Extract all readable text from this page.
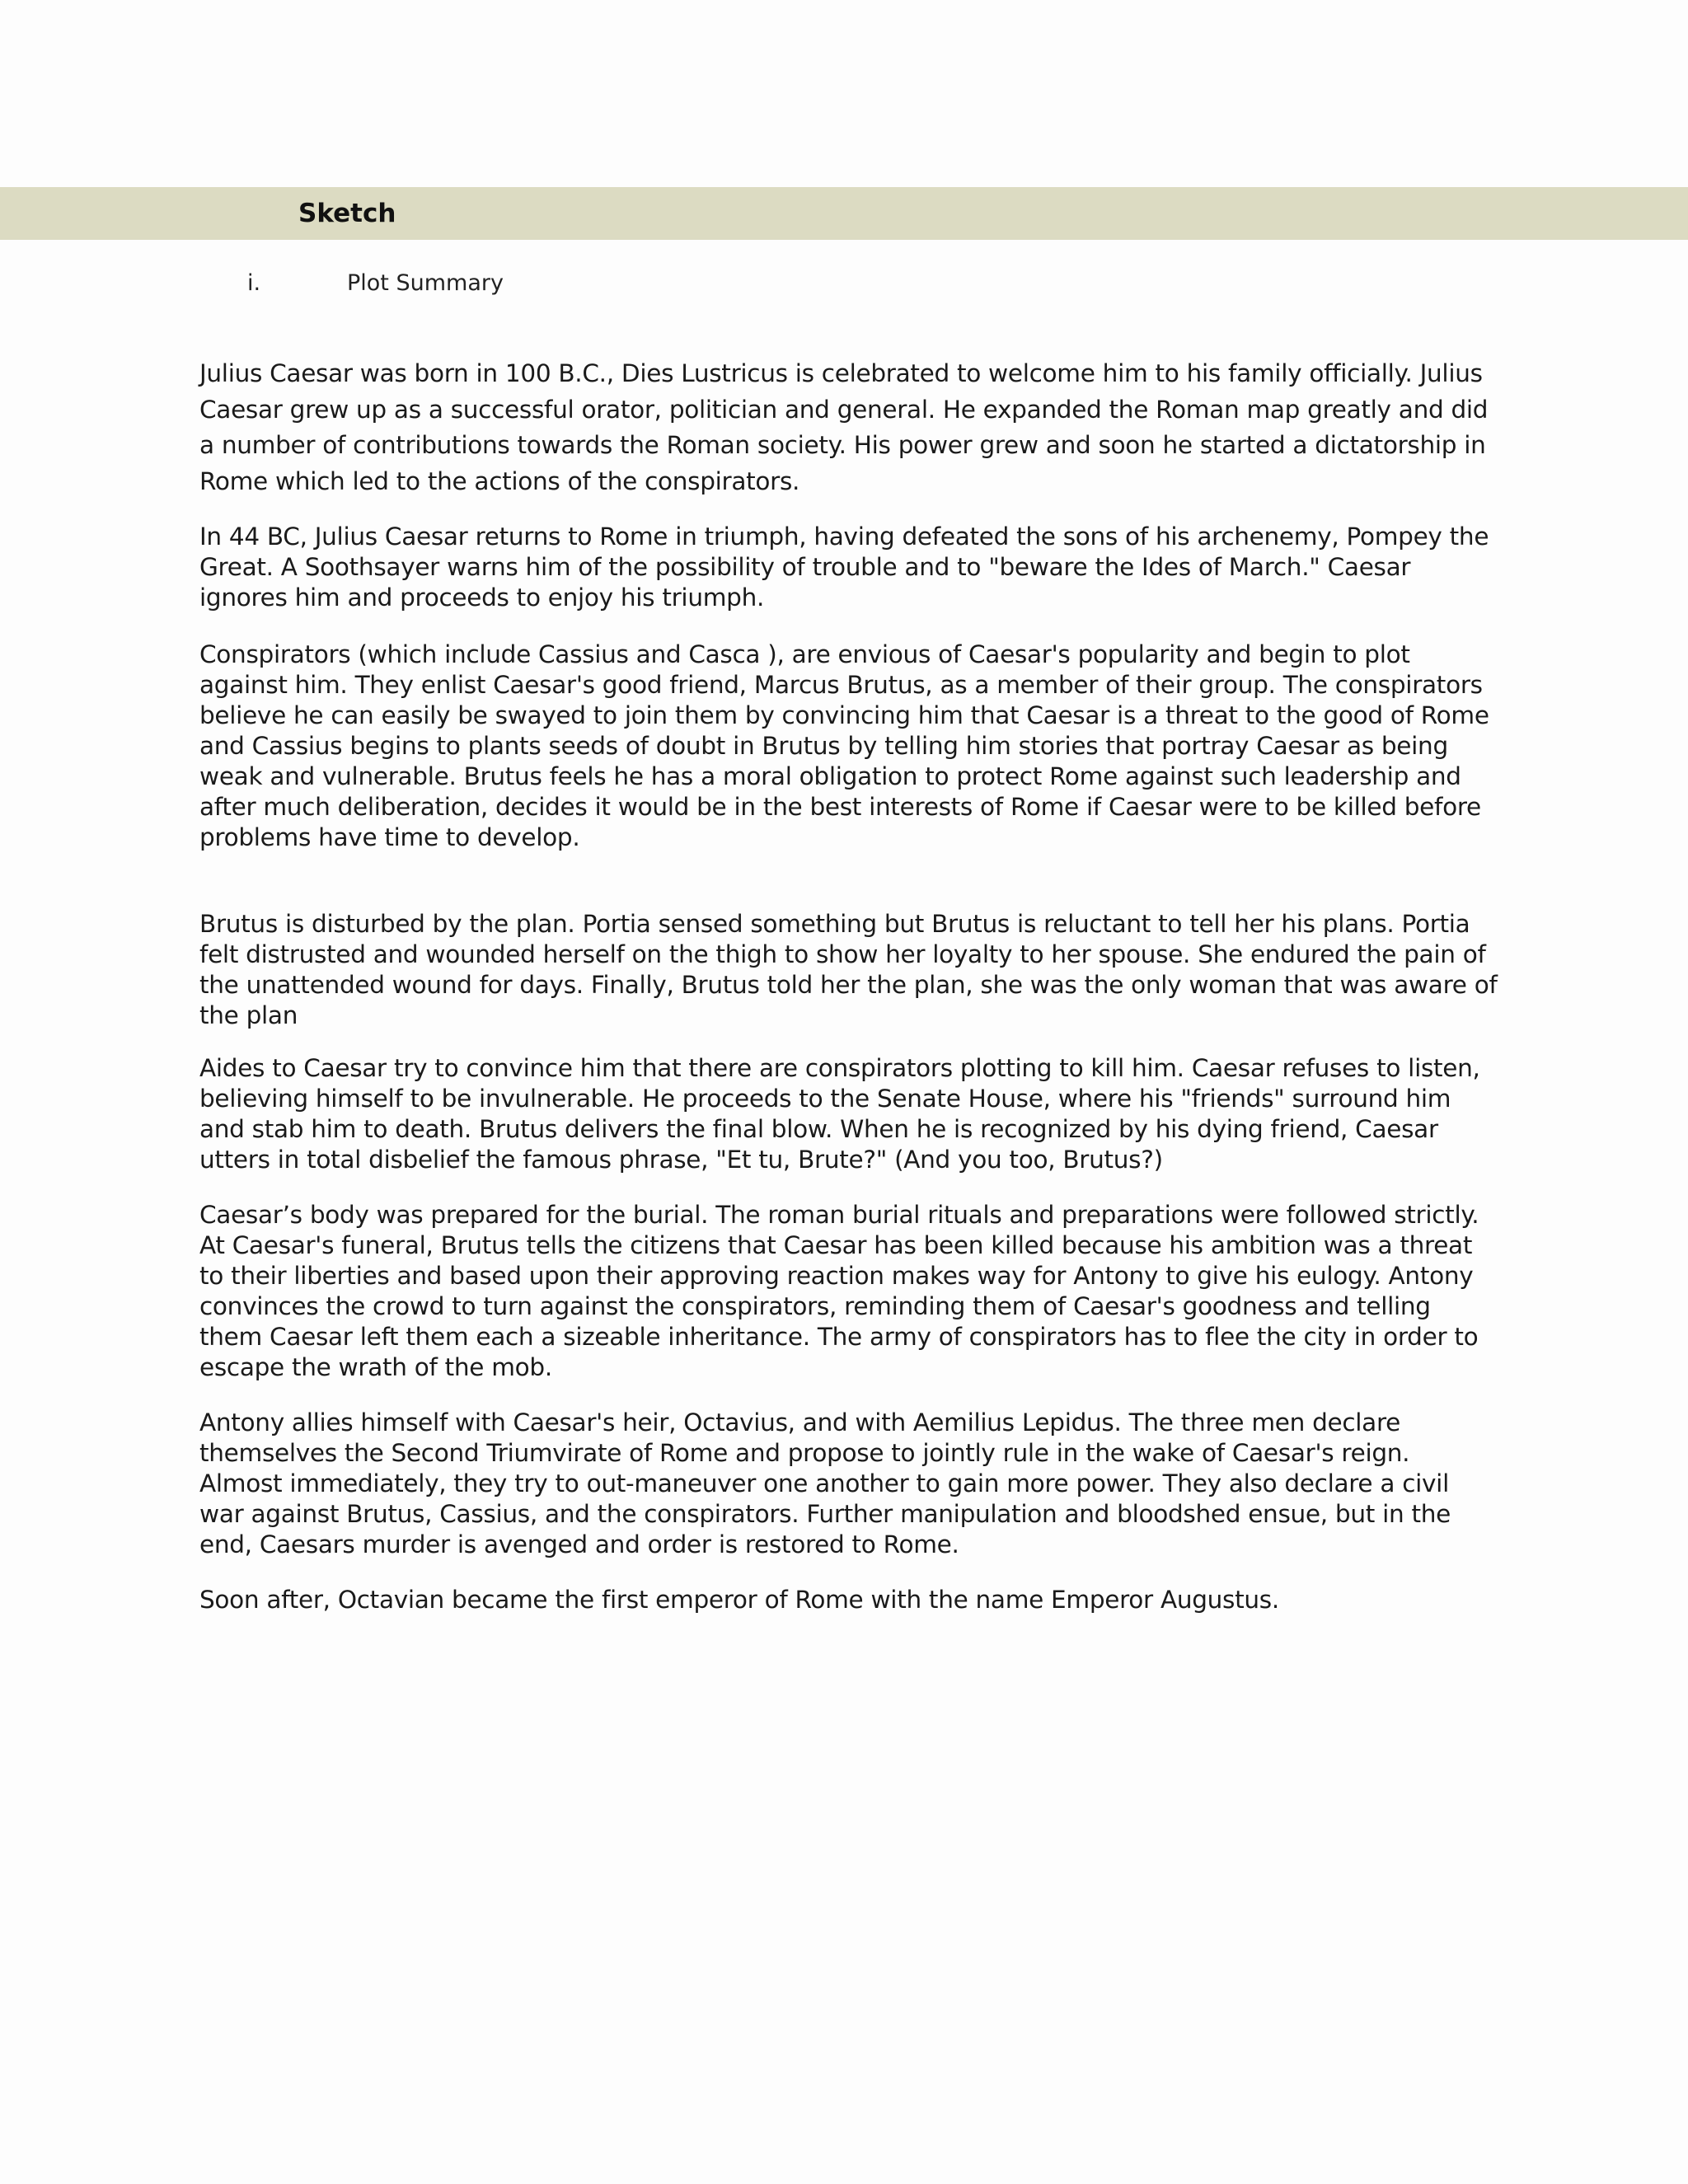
Sketch
i.	Plot Summary

Julius Caesar was born in 100 B.C., Dies Lustricus is celebrated to welcome him to his family officially. Julius Caesar grew up as a successful orator, politician and general. He expanded the Roman map greatly and did a number of contributions towards the Roman society. His power grew and soon he started a dictatorship in Rome which led to the actions of the conspirators.

In 44 BC, Julius Caesar returns to Rome in triumph, having defeated the sons of his archenemy, Pompey the Great. A Soothsayer warns him of the possibility of trouble and to "beware the Ides of March." Caesar ignores him and proceeds to enjoy his triumph.

Conspirators (which include Cassius and Casca ), are envious of Caesar's popularity and begin to plot against him. They enlist Caesar's good friend, Marcus Brutus, as a member of their group. The conspirators believe he can easily be swayed to join them by convincing him that Caesar is a threat to the good of Rome and Cassius begins to plants seeds of doubt in Brutus by telling him stories that portray Caesar as being weak and vulnerable. Brutus feels he has a moral obligation to protect Rome against such leadership and after much deliberation, decides it would be in the best interests of Rome if Caesar were to be killed before problems have time to develop.

Brutus is disturbed by the plan. Portia sensed something but Brutus is reluctant to tell her his plans. Portia felt distrusted and wounded herself on the thigh to show her loyalty to her spouse. She endured the pain of the unattended wound for days. Finally, Brutus told her the plan, she was the only woman that was aware of the plan

Aides to Caesar try to convince him that there are conspirators plotting to kill him. Caesar refuses to listen, believing himself to be invulnerable. He proceeds to the Senate House, where his "friends" surround him and stab him to death. Brutus delivers the final blow. When he is recognized by his dying friend, Caesar utters in total disbelief the famous phrase, "Et tu, Brute?" (And you too, Brutus?)

Caesar’s body was prepared for the burial. The roman burial rituals and preparations were followed strictly. At Caesar's funeral, Brutus tells the citizens that Caesar has been killed because his ambition was a threat to their liberties and based upon their approving reaction makes way for Antony to give his eulogy. Antony convinces the crowd to turn against the conspirators, reminding them of Caesar's goodness and telling them Caesar left them each a sizeable inheritance. The army of conspirators has to flee the city in order to escape the wrath of the mob.

Antony allies himself with Caesar's heir, Octavius, and with Aemilius Lepidus. The three men declare themselves the Second Triumvirate of Rome and propose to jointly rule in the wake of Caesar's reign. Almost immediately, they try to out-maneuver one another to gain more power. They also declare a civil war against Brutus, Cassius, and the conspirators. Further manipulation and bloodshed ensue, but in the end, Caesars murder is avenged and order is restored to Rome.

Soon after, Octavian became the first emperor of Rome with the name Emperor Augustus.
